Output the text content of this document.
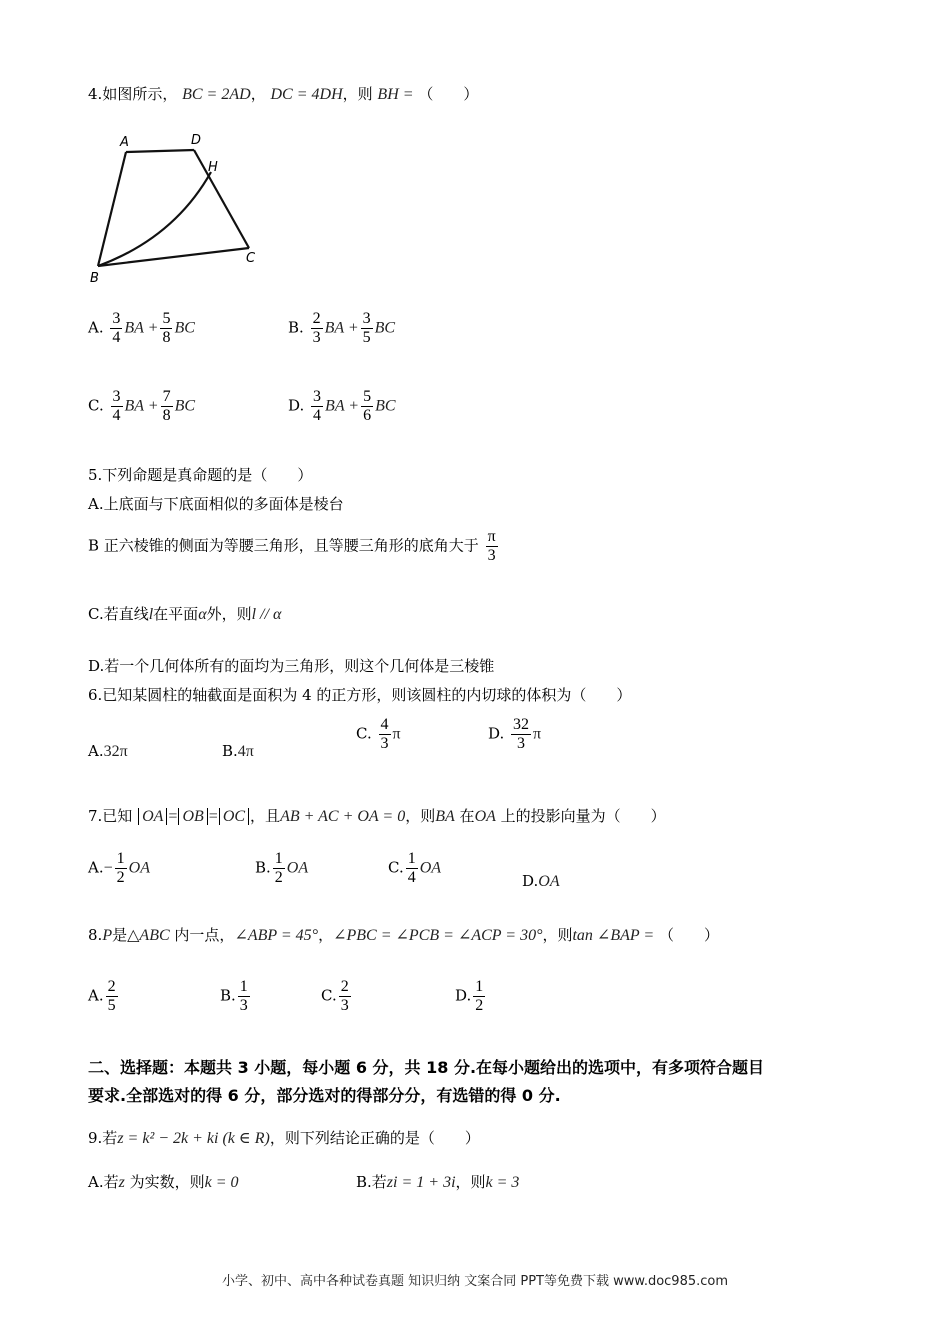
4.如图所示， BC = 2AD， DC = 4DH，则 BH = （　　）
A	D
H
B
C
A. $\frac{3}{4}$ BA + $\frac{5}{8}$ BC	B. $\frac{2}{3}$ BA + $\frac{3}{5}$ BC
C. $\frac{3}{4}$ BA + $\frac{7}{8}$ BC	D. $\frac{3}{4}$ BA + $\frac{5}{6}$ BC
5.下列命题是真命题的是（　　）
A.上底面与下底面相似的多面体是棱台
B 正六棱锥的侧面为等腰三角形，且等腰三角形的底角大于 $\frac{\pi}{3}$
C.若直线l在平面α外，则l // α
D.若一个几何体所有的面均为三角形，则这个几何体是三棱锥
6.已知某圆柱的轴截面是面积为 4 的正方形，则该圆柱的内切球的体积为（　　）
A.32π	B.4π
C. $\frac{4}{3}$ π	D. $\frac{32}{3}$ π
7.已知 OA = OB = OC ，且AB + AC + OA = 0，则BA 在OA 上的投影向量为（　　）
$A.- \frac{1}{2}$ OA	B. $\frac{1}{2}$ OA	C. $\frac{1}{4}$ OA
D.OA
8.P是△ABC 内一点，∠ABP = 45°，∠PBC = ∠PCB = ∠ACP = 30°，则tan ∠BAP = （　　）
A. $\frac{2}{5}$	B. $\frac{1}{3}$	C. $\frac{2}{3}$	D. $\frac{1}{2}$
二、选择题：本题共 3 小题，每小题 6 分，共 18 分.在每小题给出的选项中，有多项符合题目
要求.全部选对的得 6 分，部分选对的得部分分，有选错的得 0 分.
9.若z = k² − 2k + ki (k ∈ R)，则下列结论正确的是（　　）
A.若z 为实数，则k = 0	B.若zi = 1 + 3i，则k = 3
小学、初中、高中各种试卷真题 知识归纳 文案合同 PPT等免费下载 www.doc985.com
